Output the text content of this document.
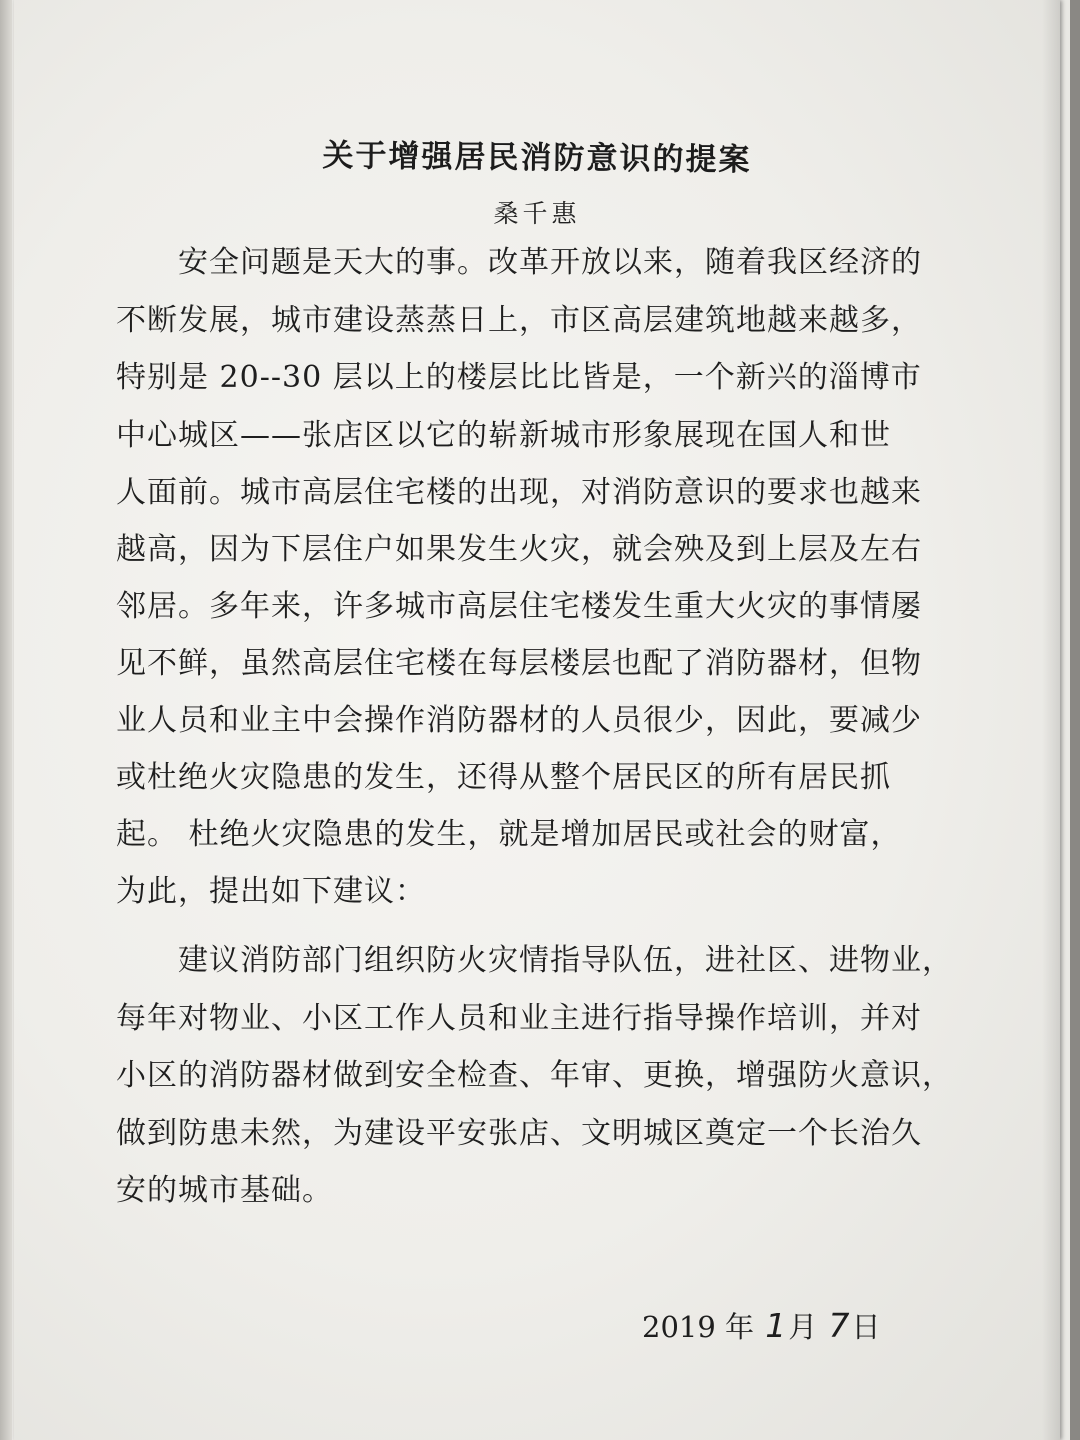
关于增强居民消防意识的提案
桑千惠
安全问题是天大的事。改革开放以来，随着我区经济的
不断发展，城市建设蒸蒸日上，市区高层建筑地越来越多，
特别是 20--30 层以上的楼层比比皆是，一个新兴的淄博市
中心城区——张店区以它的崭新城市形象展现在国人和世
人面前。城市高层住宅楼的出现，对消防意识的要求也越来
越高，因为下层住户如果发生火灾，就会殃及到上层及左右
邻居。多年来，许多城市高层住宅楼发生重大火灾的事情屡
见不鲜，虽然高层住宅楼在每层楼层也配了消防器材，但物
业人员和业主中会操作消防器材的人员很少，因此，要减少
或杜绝火灾隐患的发生，还得从整个居民区的所有居民抓
起。 杜绝火灾隐患的发生，就是增加居民或社会的财富，
为此，提出如下建议：
建议消防部门组织防火灾情指导队伍，进社区、进物业，
每年对物业、小区工作人员和业主进行指导操作培训，并对
小区的消防器材做到安全检查、年审、更换，增强防火意识，
做到防患未然，为建设平安张店、文明城区奠定一个长治久
安的城市基础。
2019 年 1月 7日
